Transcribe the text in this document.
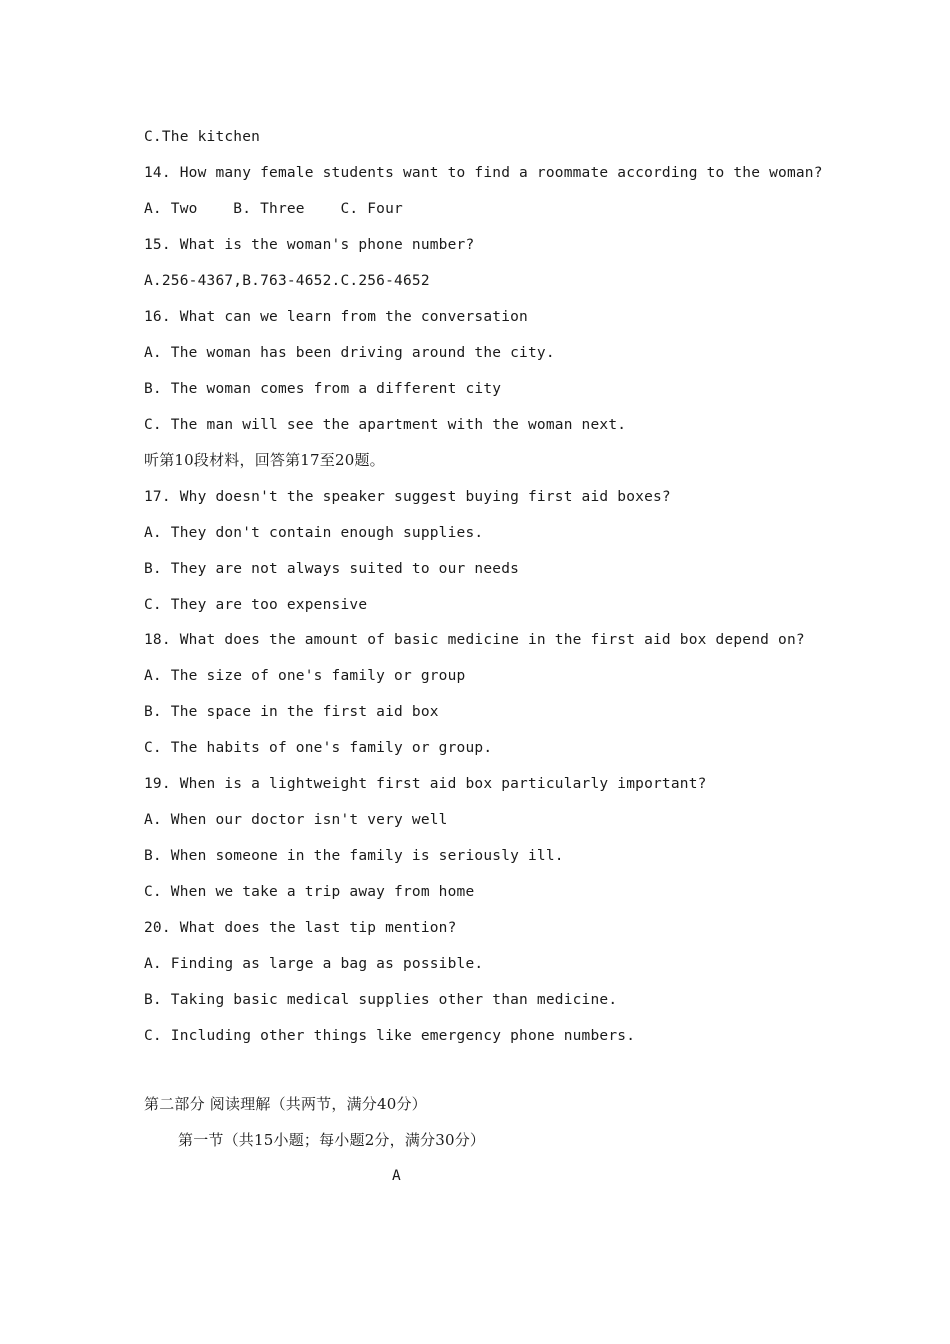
C.The kitchen
14. How many female students want to find a roommate according to the woman?
A. Two    B. Three    C. Four
15. What is the woman's phone number?
A.256-4367,B.763-4652.C.256-4652
16. What can we learn from the conversation
A. The woman has been driving around the city.
B. The woman comes from a different city
C. The man will see the apartment with the woman next.
听第10段材料，回答第17至20题。
17. Why doesn't the speaker suggest buying first aid boxes?
A. They don't contain enough supplies.
B. They are not always suited to our needs
C. They are too expensive
18. What does the amount of basic medicine in the first aid box depend on?
A. The size of one's family or group
B. The space in the first aid box
C. The habits of one's family or group.
19. When is a lightweight first aid box particularly important?
A. When our doctor isn't very well
B. When someone in the family is seriously ill.
C. When we take a trip away from home
20. What does the last tip mention?
A. Finding as large a bag as possible.
B. Taking basic medical supplies other than medicine.
C. Including other things like emergency phone numbers.
第二部分 阅读理解（共两节，满分40分）
第一节（共15小题；每小题2分，满分30分）
A
